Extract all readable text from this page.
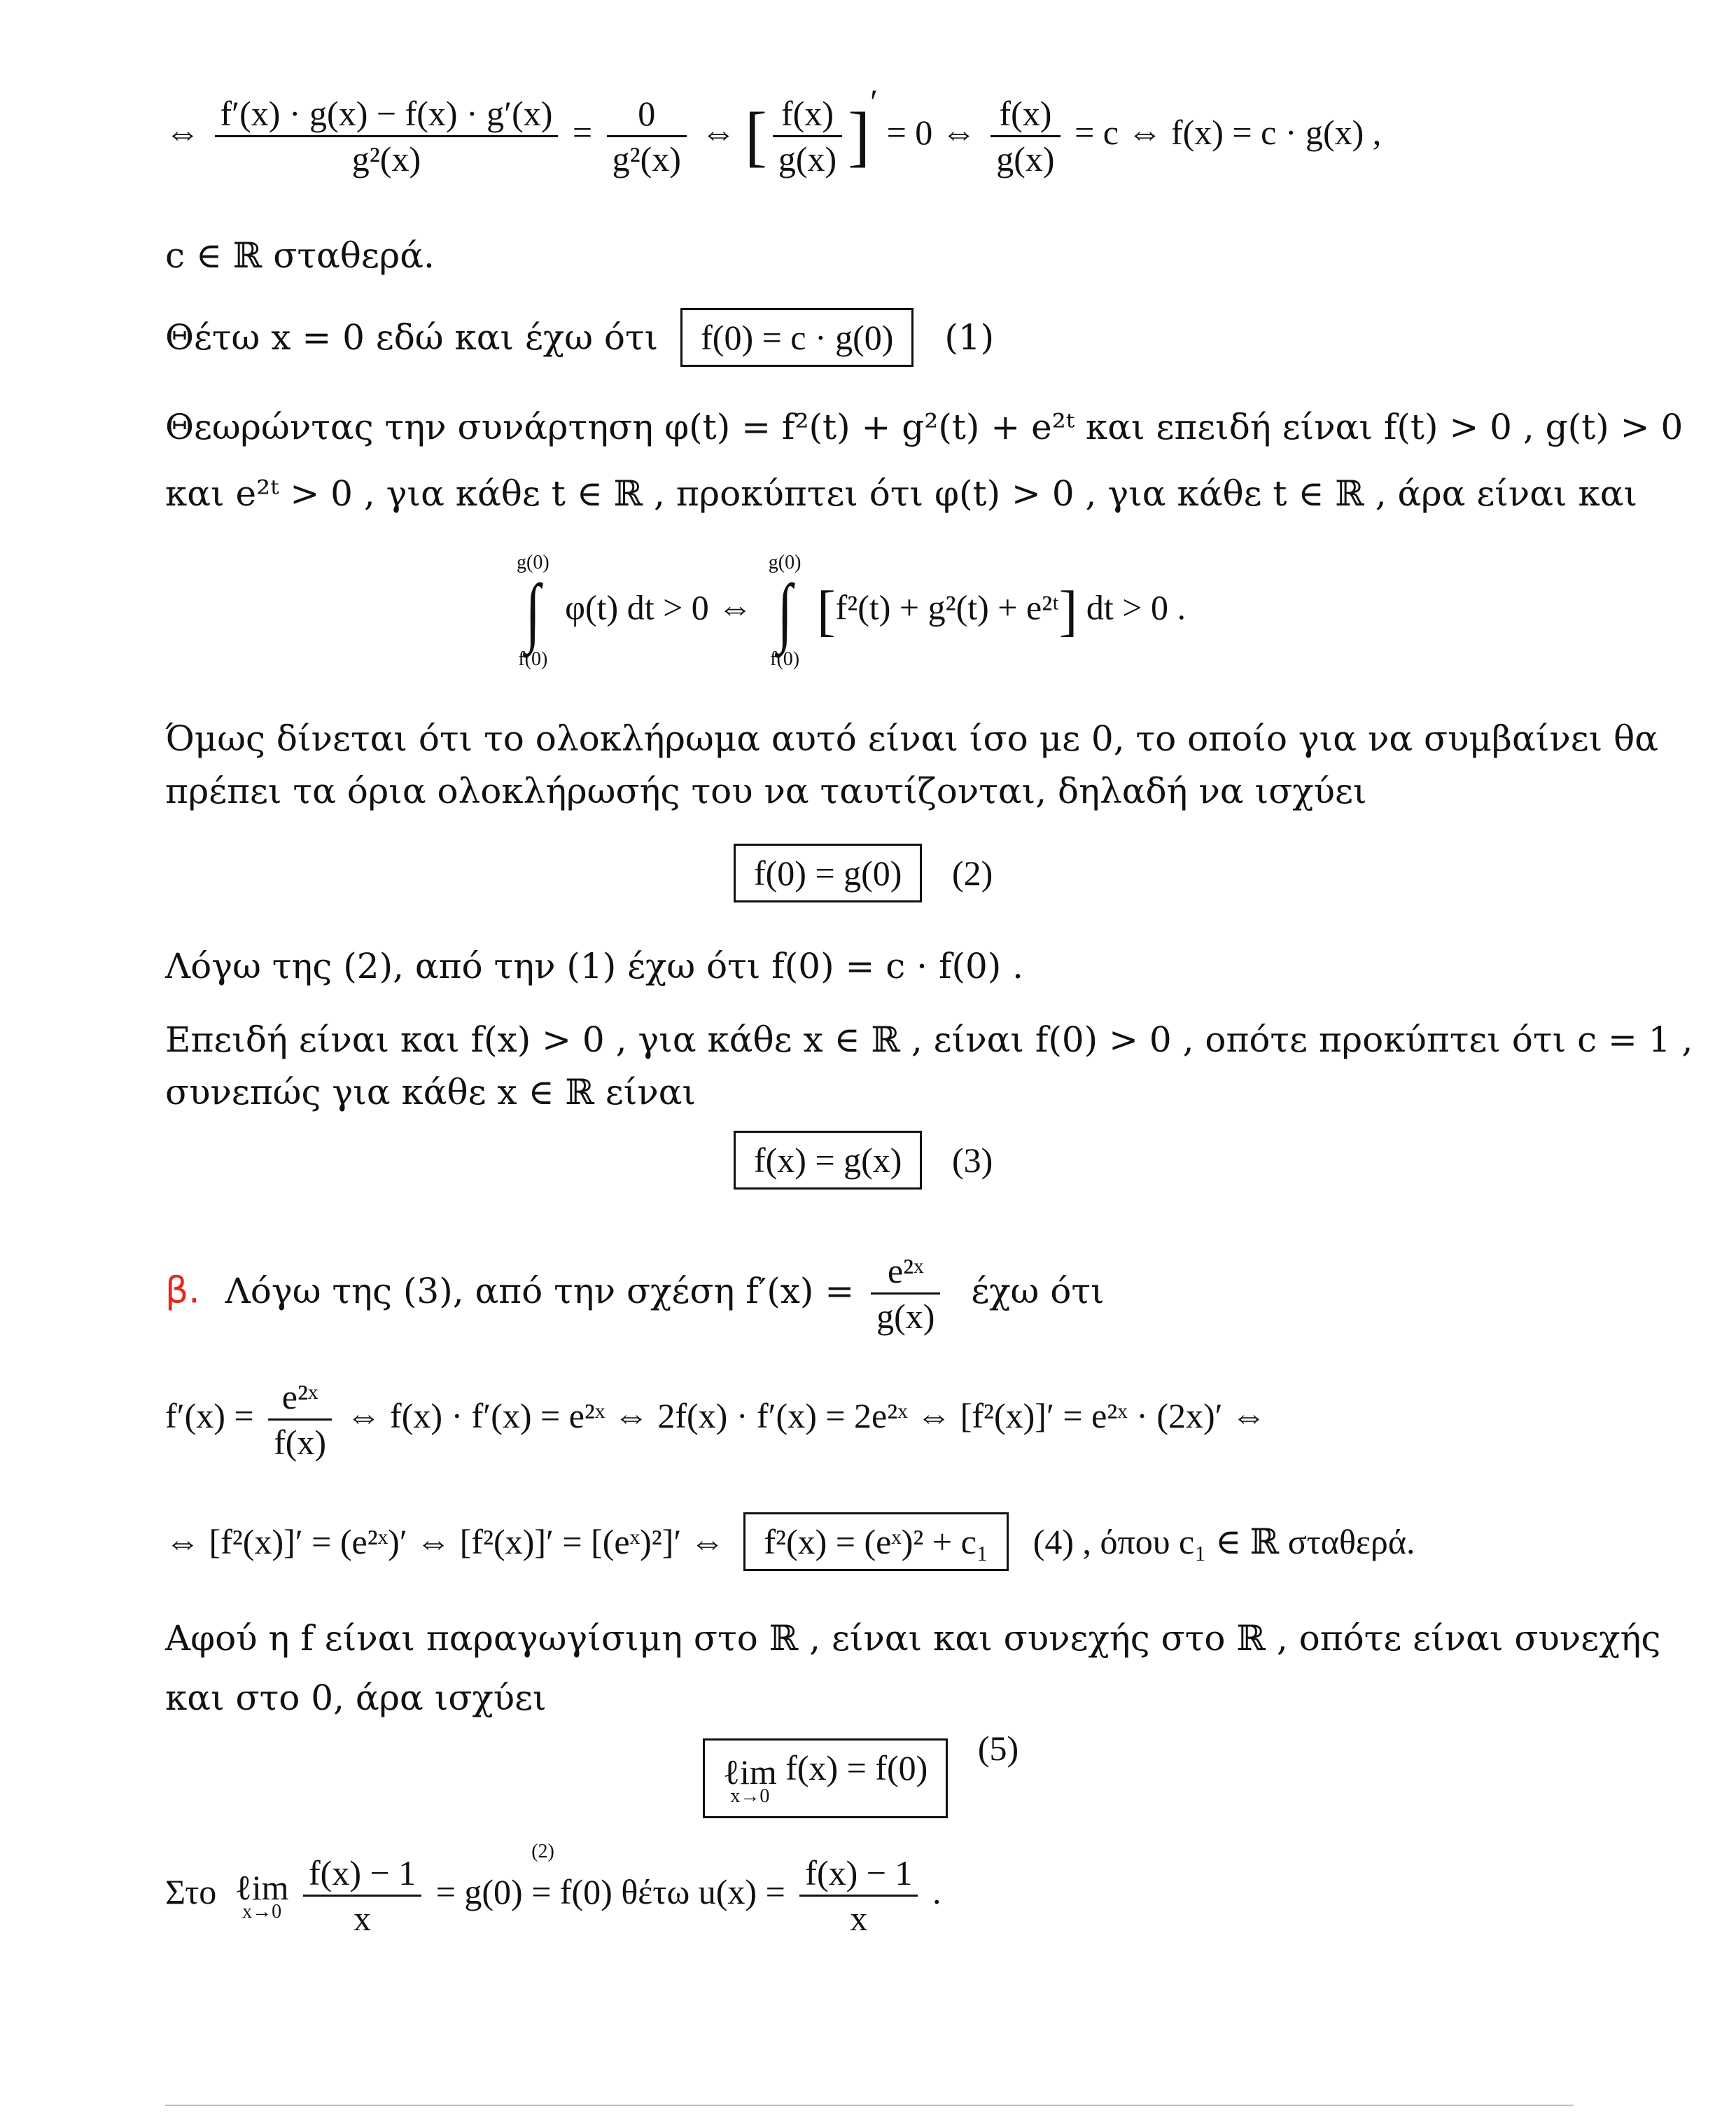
⇔ $\frac{f'(x) \cdot g(x) - f(x) \cdot g'(x)}{\text{g²(x)}} = \frac{0}{\text{g²(x)}}$ ⇔ [ $\frac{f(x)}{g(x)}$ ]′ = 0 ⇔ $\frac{f(x)}{g(x)} = c$ ⇔ f(x) = c · g(x) ,
c ∈ ℝ σταθερά.
Θέτω x = 0 εδώ και έχω ότι f(0) = c · g(0) (1)
Θεωρώντας την συνάρτηση φ(t) = f²(t) + g²(t) + e²ᵗ και επειδή είναι f(t) > 0 , g(t) > 0
και e²ᵗ > 0 , για κάθε t ∈ ℝ , προκύπτει ότι φ(t) > 0 , για κάθε t ∈ ℝ , άρα είναι και
g(0)
∫
f(0)
φ(t) dt > 0 ⇔
g(0)
∫
f(0)
[f²(t) + g²(t) + e²ᵗ] dt > 0 .
Όμως δίνεται ότι το ολοκλήρωμα αυτό είναι ίσο με 0, το οποίο για να συμβαίνει θα
πρέπει τα όρια ολοκλήρωσής του να ταυτίζονται, δηλαδή να ισχύει
f(0) = g(0) (2)
Λόγω της (2), από την (1) έχω ότι f(0) = c · f(0) .
Επειδή είναι και f(x) > 0 , για κάθε x ∈ ℝ , είναι f(0) > 0 , οπότε προκύπτει ότι c = 1 ,
συνεπώς για κάθε x ∈ ℝ είναι
f(x) = g(x) (3)
β. Λόγω της (3), από την σχέση $f'(x) = \frac{\text{e²ˣ}}{g(x)}$ έχω ότι
$f'(x) = \frac{\text{e²ˣ}}{f(x)}$ ⇔ f(x) · f′(x) = e²ˣ ⇔ 2f(x) · f′(x) = 2e²ˣ ⇔ [f²(x)]′ = e²ˣ · (2x)′ ⇔
⇔ [f²(x)]′ = (e²ˣ)′ ⇔ [f²(x)]′ = [(eˣ)²]′ ⇔ f²(x) = (eˣ)² + c₁ (4) , όπου c₁ ∈ ℝ σταθερά.
Αφού η f είναι παραγωγίσιμη στο ℝ , είναι και συνεχής στο ℝ , οπότε είναι συνεχής
και στο 0, άρα ισχύει
ℓim
x→0
f(x) = f(0) (5)
Στο ℓim
x→0
$\frac{f(x) - 1}{x} = g(0)$
(2)
= f(0) θέτω $u(x) = \frac{f(x) - 1}{x}$ .
